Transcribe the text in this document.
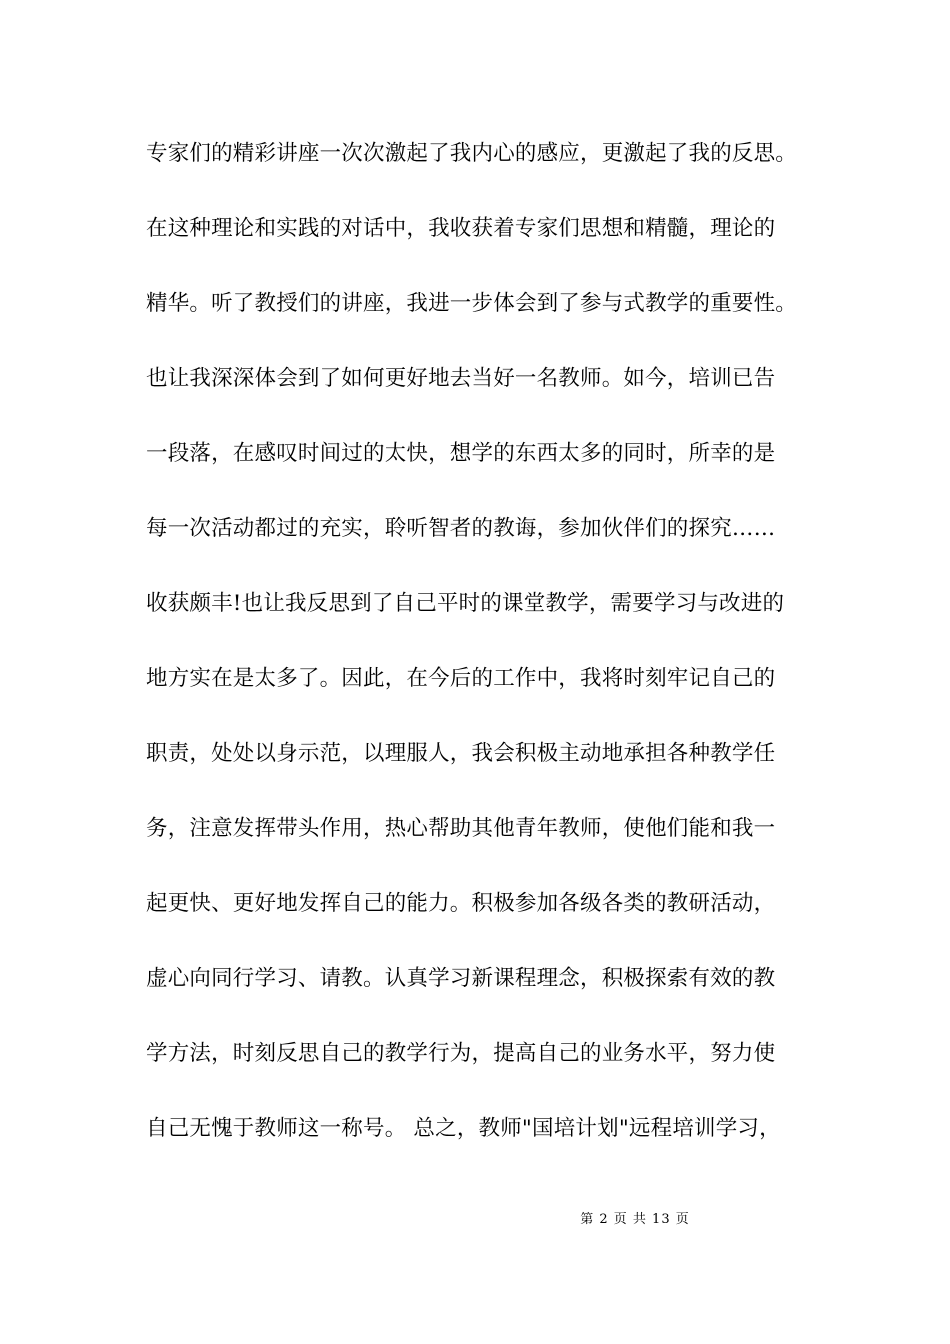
专家们的精彩讲座一次次激起了我内心的感应，更激起了我的反思。
在这种理论和实践的对话中，我收获着专家们思想和精髓，理论的
精华。听了教授们的讲座，我进一步体会到了参与式教学的重要性。
也让我深深体会到了如何更好地去当好一名教师。如今，培训已告
一段落，在感叹时间过的太快，想学的东西太多的同时，所幸的是
每一次活动都过的充实，聆听智者的教诲，参加伙伴们的探究……
收获颇丰!也让我反思到了自己平时的课堂教学，需要学习与改进的
地方实在是太多了。因此，在今后的工作中，我将时刻牢记自己的
职责，处处以身示范，以理服人，我会积极主动地承担各种教学任
务，注意发挥带头作用，热心帮助其他青年教师，使他们能和我一
起更快、更好地发挥自己的能力。积极参加各级各类的教研活动，
虚心向同行学习、请教。认真学习新课程理念，积极探索有效的教
学方法，时刻反思自己的教学行为，提高自己的业务水平，努力使
自己无愧于教师这一称号。 总之，教师"国培计划"远程培训学习，
第 2 页 共 13 页
